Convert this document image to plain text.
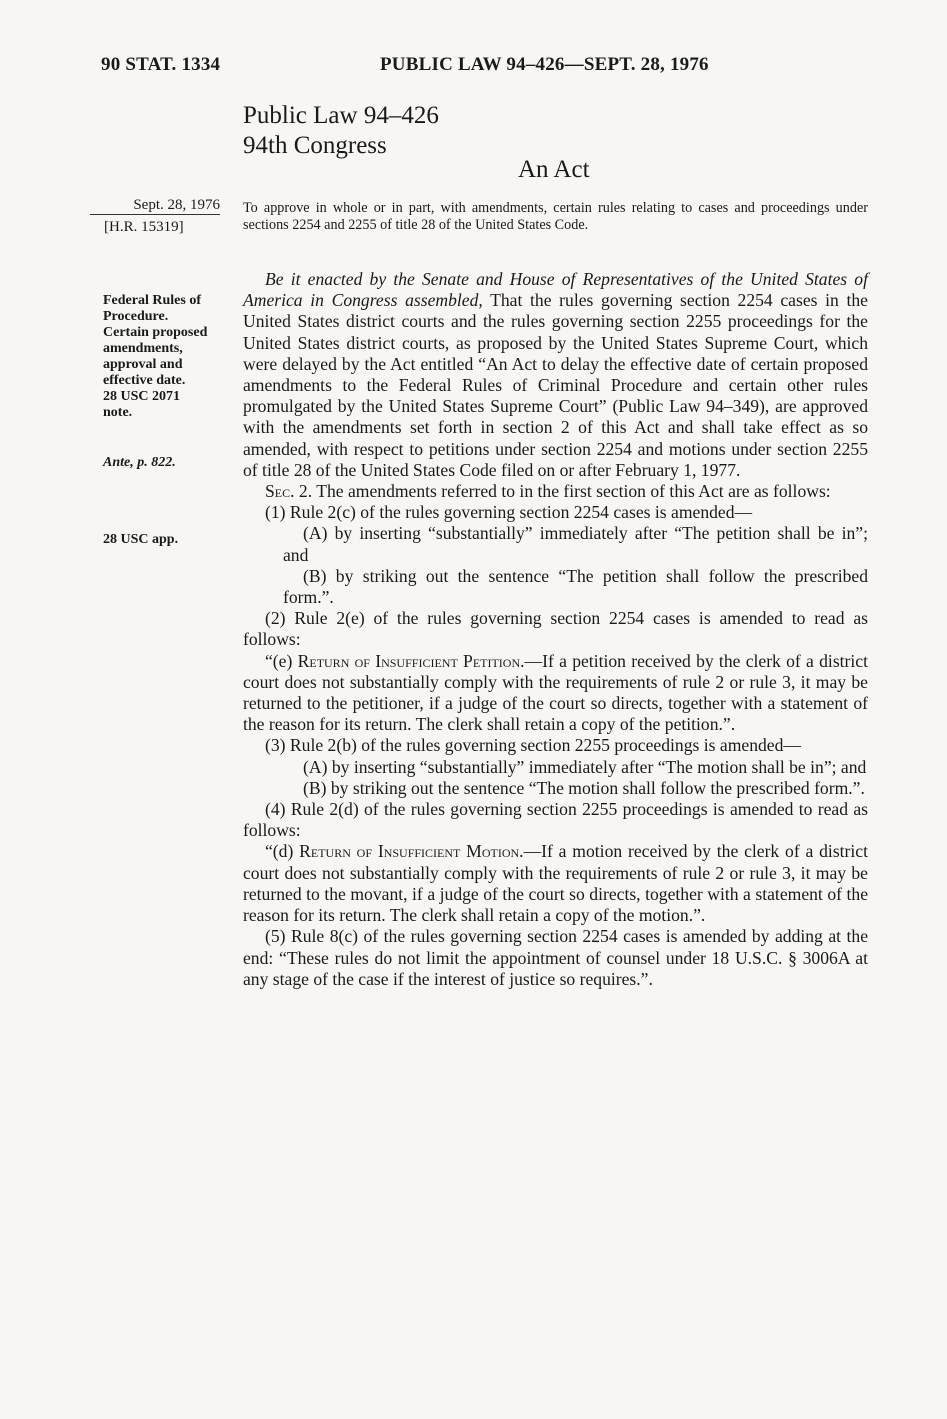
90 STAT. 1334	PUBLIC LAW 94–426—SEPT. 28, 1976
Public Law 94–426
94th Congress
An Act
Sept. 28, 1976
[H.R. 15319]
Federal Rules of
Procedure.
Certain proposed
amendments,
approval and
effective date.
28 USC 2071
note.
Ante, p. 822.
28 USC app.
To approve in whole or in part, with amendments, certain rules relating to cases and proceedings under sections 2254 and 2255 of title 28 of the United States Code.

Be it enacted by the Senate and House of Representatives of the United States of America in Congress assembled, That the rules governing section 2254 cases in the United States district courts and the rules governing section 2255 proceedings for the United States district courts, as proposed by the United States Supreme Court, which were delayed by the Act entitled “An Act to delay the effective date of certain proposed amendments to the Federal Rules of Criminal Procedure and certain other rules promulgated by the United States Supreme Court” (Public Law 94–349), are approved with the amendments set forth in section 2 of this Act and shall take effect as so amended, with respect to petitions under section 2254 and motions under section 2255 of title 28 of the United States Code filed on or after February 1, 1977.

Sec. 2. The amendments referred to in the first section of this Act are as follows:

(1) Rule 2(c) of the rules governing section 2254 cases is amended—

(A) by inserting “substantially” immediately after “The petition shall be in”; and

(B) by striking out the sentence “The petition shall follow the prescribed form.”.

(2) Rule 2(e) of the rules governing section 2254 cases is amended to read as follows:

“(e) Return of Insufficient Petition.—If a petition received by the clerk of a district court does not substantially comply with the requirements of rule 2 or rule 3, it may be returned to the petitioner, if a judge of the court so directs, together with a statement of the reason for its return. The clerk shall retain a copy of the petition.”.

(3) Rule 2(b) of the rules governing section 2255 proceedings is amended—

(A) by inserting “substantially” immediately after “The motion shall be in”; and

(B) by striking out the sentence “The motion shall follow the prescribed form.”.

(4) Rule 2(d) of the rules governing section 2255 proceedings is amended to read as follows:

“(d) Return of Insufficient Motion.—If a motion received by the clerk of a district court does not substantially comply with the requirements of rule 2 or rule 3, it may be returned to the movant, if a judge of the court so directs, together with a statement of the reason for its return. The clerk shall retain a copy of the motion.”.

(5) Rule 8(c) of the rules governing section 2254 cases is amended by adding at the end: “These rules do not limit the appointment of counsel under 18 U.S.C. § 3006A at any stage of the case if the interest of justice so requires.”.
